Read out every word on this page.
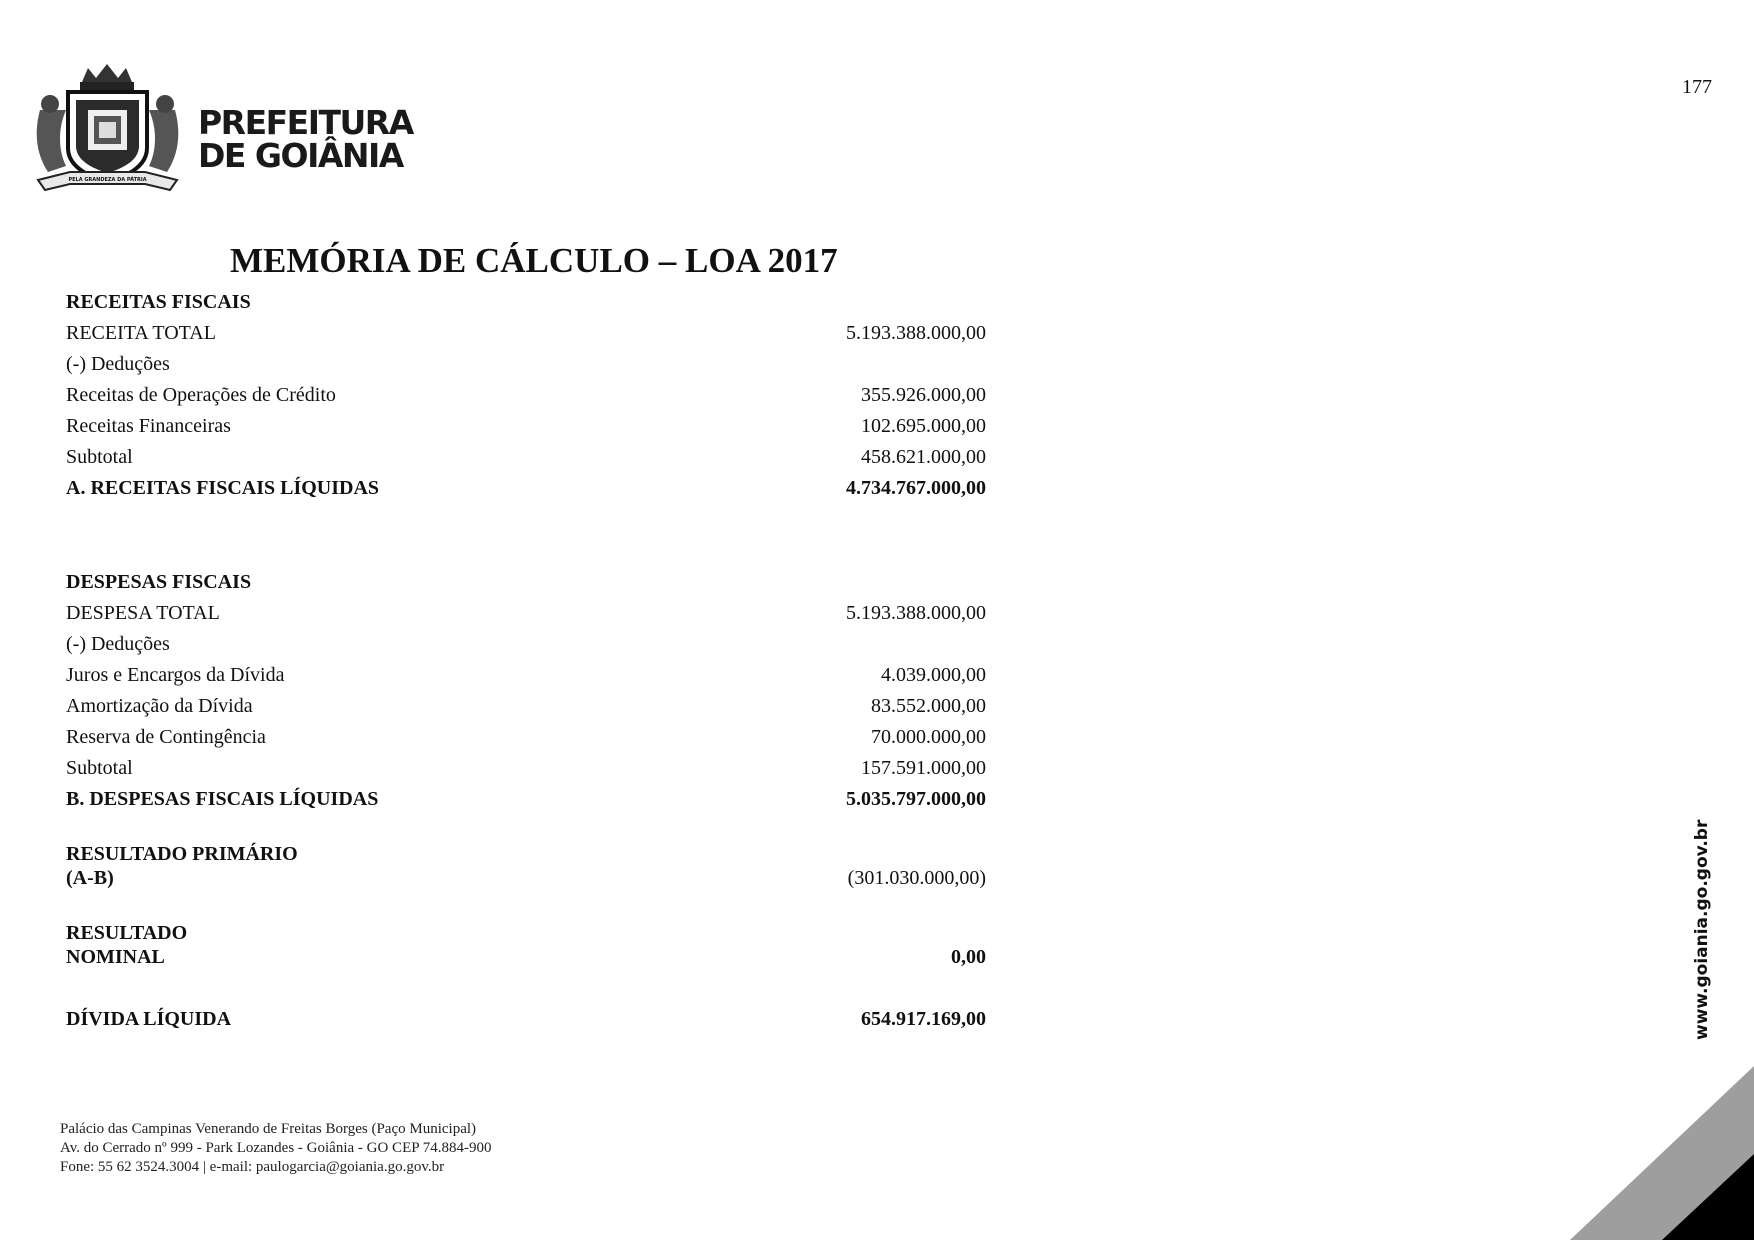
177
PELA GRANDEZA DA PÁTRIA
PREFEITURA
DE GOIÂNIA
MEMÓRIA DE CÁLCULO – LOA 2017
RECEITAS FISCAIS
RECEITA TOTAL	5.193.388.000,00
(-) Deduções
Receitas de Operações de Crédito	355.926.000,00
Receitas Financeiras	102.695.000,00
Subtotal	458.621.000,00
A. RECEITAS FISCAIS LÍQUIDAS	4.734.767.000,00
DESPESAS FISCAIS
DESPESA TOTAL	5.193.388.000,00
(-) Deduções
Juros e Encargos da Dívida	4.039.000,00
Amortização da Dívida	83.552.000,00
Reserva de Contingência	70.000.000,00
Subtotal	157.591.000,00
B. DESPESAS FISCAIS LÍQUIDAS	5.035.797.000,00
RESULTADO PRIMÁRIO
(A-B)	(301.030.000,00)
RESULTADO
NOMINAL	0,00
DÍVIDA LÍQUIDA	654.917.169,00
Palácio das Campinas Venerando de Freitas Borges (Paço Municipal)
Av. do Cerrado nº 999 - Park Lozandes - Goiânia - GO CEP 74.884-900
Fone: 55 62 3524.3004 | e-mail: paulogarcia@goiania.go.gov.br
www.goiania.go.gov.br
